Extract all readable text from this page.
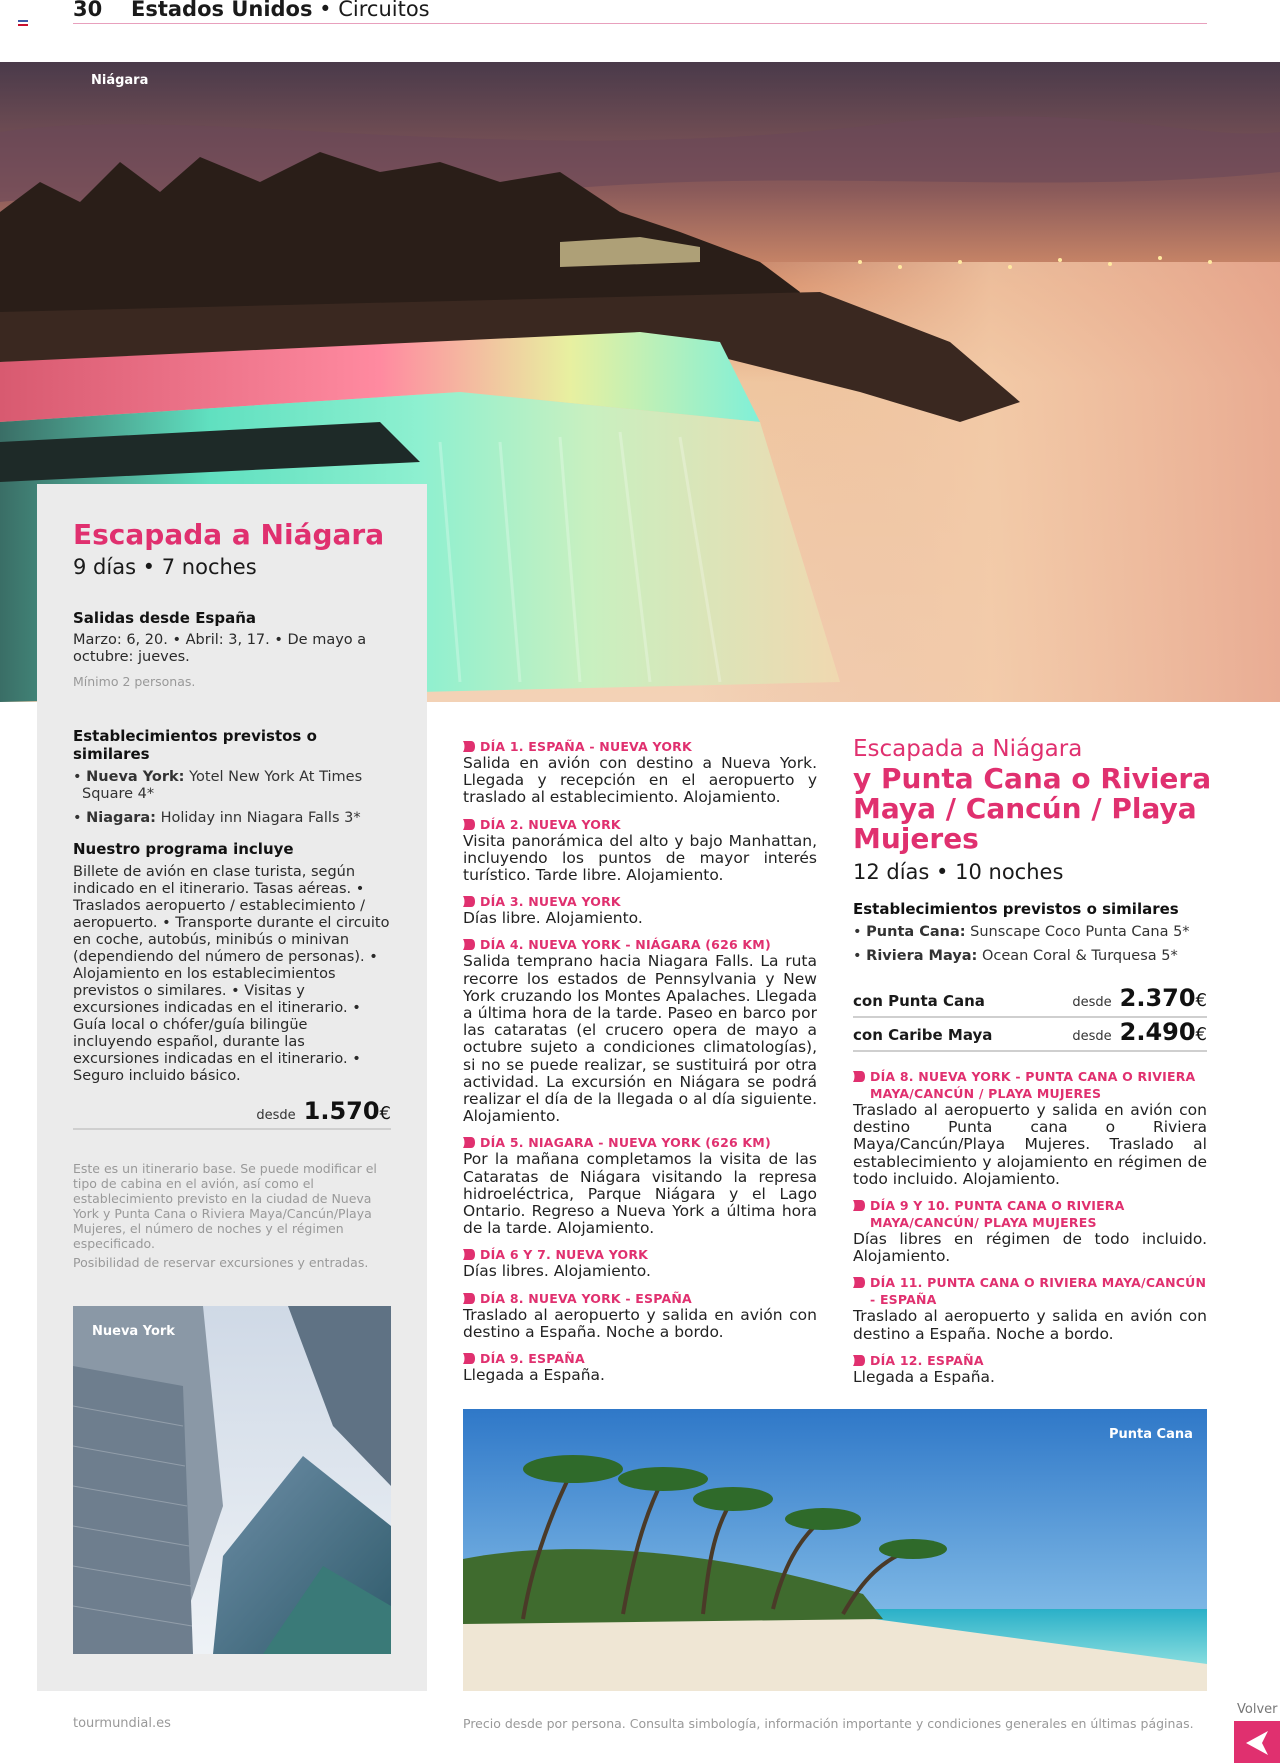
30 Estados Unidos • Circuitos
Niágara
Escapada a Niágara
9 días • 7 noches
Salidas desde España
Marzo: 6, 20. • Abril: 3, 17. • De mayo a octubre: jueves.
Mínimo 2 personas.
Establecimientos previstos o similares
• Nueva York: Yotel New York At Times Square 4*
• Niagara: Holiday inn Niagara Falls 3*
Nuestro programa incluye
Billete de avión en clase turista, según indicado en el itinerario. Tasas aéreas. • Traslados aeropuerto / establecimiento / aeropuerto. • Transporte durante el circuito en coche, autobús, minibús o minivan (dependiendo del número de personas). • Alojamiento en los establecimientos previstos o similares. • Visitas y excursiones indicadas en el itinerario. • Guía local o chófer/guía bilingüe incluyendo español, durante las excursiones indicadas en el itinerario. • Seguro incluido básico.
desde 1.570 €
Este es un itinerario base. Se puede modificar el tipo de cabina en el avión, así como el establecimiento previsto en la ciudad de Nueva York y Punta Cana o Riviera Maya/Cancún/Playa Mujeres, el número de noches y el régimen especificado.
Posibilidad de reservar excursiones y entradas.
Nueva York
DÍA 1. ESPAÑA - NUEVA YORK
Salida en avión con destino a Nueva York. Llegada y recepción en el aeropuerto y traslado al establecimiento. Alojamiento.
DÍA 2. NUEVA YORK
Visita panorámica del alto y bajo Manhattan, incluyendo los puntos de mayor interés turístico. Tarde libre. Alojamiento.
DÍA 3. NUEVA YORK
Días libre. Alojamiento.
DÍA 4. NUEVA YORK - NIÁGARA (626 KM)
Salida temprano hacia Niagara Falls. La ruta recorre los estados de Pennsylvania y New York cruzando los Montes Apalaches. Llegada a última hora de la tarde. Paseo en barco por las cataratas (el crucero opera de mayo a octubre sujeto a condiciones climatologías), si no se puede realizar, se sustituirá por otra actividad. La excursión en Niágara se podrá realizar el día de la llegada o al día siguiente. Alojamiento.
DÍA 5. NIAGARA - NUEVA YORK (626 KM)
Por la mañana completamos la visita de las Cataratas de Niágara visitando la represa hidroeléctrica, Parque Niágara y el Lago Ontario. Regreso a Nueva York a última hora de la tarde. Alojamiento.
DÍA 6 Y 7. NUEVA YORK
Días libres. Alojamiento.
DÍA 8. NUEVA YORK - ESPAÑA
Traslado al aeropuerto y salida en avión con destino a España. Noche a bordo.
DÍA 9. ESPAÑA
Llegada a España.
Escapada a Niágara
y Punta Cana o Riviera Maya / Cancún / Playa Mujeres
12 días • 10 noches
Establecimientos previstos o similares
• Punta Cana: Sunscape Coco Punta Cana 5*
• Riviera Maya: Ocean Coral & Turquesa 5*
con Punta Cana	desde 2.370 €
con Caribe Maya	desde 2.490 €
DÍA 8. NUEVA YORK - PUNTA CANA O RIVIERA MAYA/CANCÚN / PLAYA MUJERES
Traslado al aeropuerto y salida en avión con destino Punta cana o Riviera Maya/Cancún/Playa Mujeres. Traslado al establecimiento y alojamiento en régimen de todo incluido. Alojamiento.
DÍA 9 Y 10. PUNTA CANA O RIVIERA MAYA/CANCÚN/ PLAYA MUJERES
Días libres en régimen de todo incluido. Alojamiento.
DÍA 11. PUNTA CANA O RIVIERA MAYA/CANCÚN - ESPAÑA
Traslado al aeropuerto y salida en avión con destino a España. Noche a bordo.
DÍA 12. ESPAÑA
Llegada a España.
Punta Cana
tourmundial.es	Precio desde por persona. Consulta simbología, información importante y condiciones generales en últimas páginas.
Volver
